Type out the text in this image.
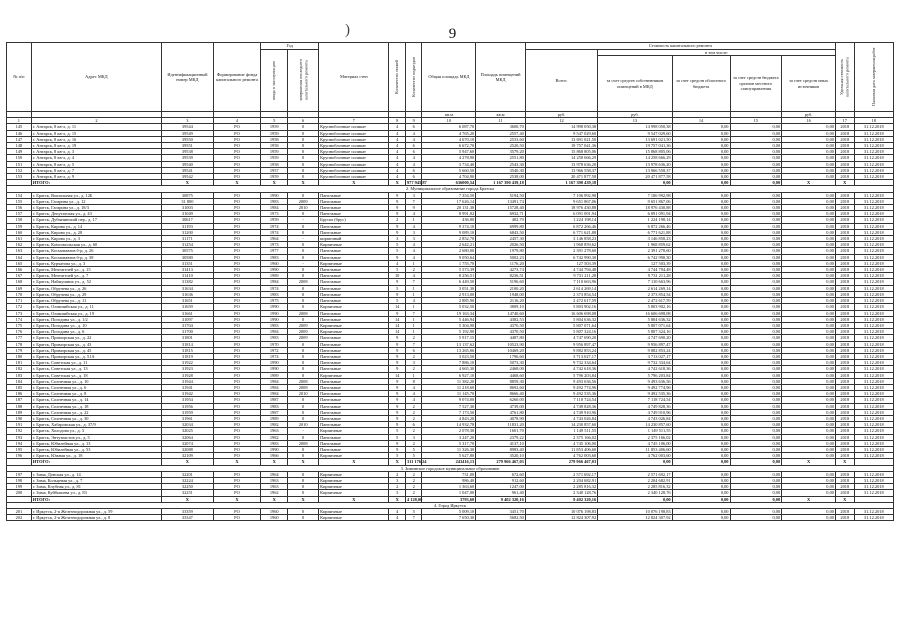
)	9
№ п/п	Адрес МКД	Идентификационный номер МКД	Формирование фонда капитального ремонта	Год		Материал стен	Количество этажей	Количество подъездов	Общая площадь МКД	Площадь помещений МКД	Стоимость капитального ремонта					Удельная стоимость капитального ремонта	Плановая дата завершения работ

				ввода в эксплуатацию	завершения последнего капитального ремонта						Всего:	в том числе:					
												за счет средств собственников помещений в МКД	за счет средств областного бюджета	за счет средств бюджета органов местного самоуправления	за счет средств иных источников		

									кв.м	кв.м	руб.	руб.			руб.		
1	2	3	4	5	6	7	8	9	10	11	12	13	14	15	16	17	18
145	г. Ангарск, 8 кв-л, д. 11	39544	РО	1959	0	Крупноблочные силикат	4	6	6 087,70	3600,70	14 998 050,38	14 998 050,38	0,00	0,00	0,00	2018	31.12.2018
146	г. Ангарск, 8 кв-л, д. 15	39549	РО	1959	0	Крупноблочные силикат	4	4	4 765,20	2557,40	9 547 029,60	9 547 029,60	0,00	0,00	0,00	2018	31.12.2018
147	г. Ангарск, 8 кв-л, д. 16	39550	РО	1958	0	Крупноблочные силикат	4	4	4 670,10	2533,60	13 691 021,50	13 691 021,50	0,00	0,00	0,00	2018	31.12.2018
148	г. Ангарск, 8 кв-л, д. 19	39551	РО	1958	0	Крупноблочные силикат	4	6	6 672,70	2520,50	19 757 041,36	19 757 041,36	0,00	0,00	0,00	2018	31.12.2018
149	г. Ангарск, 8 кв-л, д. 3	39538	РО	1959	0	Крупноблочные силикат	4	6	5 947,60	3579,20	15 868 805,06	15 868 805,06	0,00	0,00	0,00	2018	31.12.2018
150	г. Ангарск, 8 кв-л, д. 4	39539	РО	1959	0	Крупноблочные силикат	4	4	4 278,90	2551,80	14 258 666,29	14 258 666,29	0,00	0,00	0,00	2018	31.12.2018
151	г. Ангарск, 8 кв-л, д. 5	39540	РО	1958	0	Крупноблочные силикат	4	4	3 734,40	2543,30	13 978 636,20	13 978 636,20	0,00	0,00	0,00	2018	31.12.2018
152	г. Ангарск, 8 кв-л, д. 7	39541	РО	1957	0	Крупноблочные силикат	4	6	5 660,50	3540,30	13 966 558,37	13 966 558,37	0,00	0,00	0,00	2018	31.12.2018
153	г. Ангарск, 8 кв-л, д. 9	39542	РО	1959	0	Крупноблочные силикат	4	6	4 704,90	2538,00	20 471 877,58	20 471 877,58	0,00	0,00	0,00	2018	31.12.2018
	ИТОГО:	X	X	X	X	X	X	977 945,87	636000,54	1 167 390 439,18	1 167 390 439,18	0,00	0,00	0,00	X	X	
2. Муниципальное образование города Братска																	
154	г. Братск, Вокзальная ул., д. 12Б	30875	РО	1990	0	Панельные	9	3	7 354,50	5194,50	7 106 992,98	7 106 992,98	0,00	0,00	0,00	2018	31.12.2018
155	г. Братск, Гагарина ул., д. 12	31 800	РО	1983	2009	Панельные	9	7	17 626,14	13491,74	9 651 867,06	9 651 867,06	0,00	0,00	0,00	2018	31.12.2018
156	г. Братск, Гагарина ул., д. 18/3	31003	РО	1984	2010	Панельные	9	9	20 131,30	15728,40	18 976 430,88	18 976 430,88	0,00	0,00	0,00	2018	31.12.2018
157	г. Братск, Депутатская ул., д. 43	31049	РО	1973	0	Панельные	9	4	8 991,02	6932,71	6 091 091,94	6 091 091,94	0,00	0,00	0,00	2018	31.12.2018
158	г. Братск, Дубынинский пер., д. 17	30617	РО	1959	-	Брускч (брус)	2	1	436,80	402,70	1 224 198,14	1 224 198,14	0,00	0,00	0,00	2018	31.12.2018
159	г. Братск, Кирова ул., д. 14	31193	РО	1974	0	Панельные	9	4	9 374,10	6999,80	6 872 266,46	6 872 266,46	0,00	0,00	0,00	2018	31.12.2018
160	г. Братск, Кирова ул., д. 28	31200	РО	1974	0	Панельные	9	3	9 089,10	6843,50	6 771 621,88	6 771 621,88	0,00	0,00	0,00	2018	31.12.2018
161	г. Братск, Кирова ул., д. 3	31171	РО	1964	-	кирпичный	3	3	2 852,70	2457,30	3 146 858,23	3 146 858,23	0,00	0,00	0,00	2018	31.12.2018
162	г. Братск, Комсомольская ул., д. 60	31254	РО	1973	0	Кирпичные	5	4	2 642,21	2026,50	1 968 859,62	1 968 859,62	0,00	0,00	0,00	2018	31.12.2018
163	г. Братск, Космонавтов б-р, д. 26	30575	РО	1977	0	Панельные	5	4	2 680,00	1979,80	2 391 278,60	2 391 278,60	0,00	0,00	0,00	2018	31.12.2018
164	г. Братск, Космонавтов б-р, д. 38	30580	РО	1983	0	Панельные	9	4	9 050,64	5002,23	6 742 990,30	6 742 990,30	0,00	0,00	0,00	2018	31.12.2018
165	г. Братск, Курчатова ул., д. 3	31351	РО	1960	-	Кирпичные	4	1	1 755,70	1176,20	127 503,39	127 503,39	0,00	0,00	0,00	2018	31.12.2018
166	г. Братск, Мечтателей ул., д. 15	31413	РО	1990	0	Панельные	5	2	5 573,39	4273,74	4 744 794,48	4 744 794,48	0,00	0,00	0,00	2018	31.12.2018
167	г. Братск, Мечтателей ул., д. 7	31410	РО	1989	0	Панельные	10	4	8 256,51	8236,51	9 731 211,28	9 731 211,28	0,00	0,00	0,00	2018	31.12.2018
168	г. Братск, Наймушина ул., д. 52	31382	РО	1984	2008	Панельные	9	7	6 449,50	5196,60	7 110 663,96	7 110 663,96	0,00	0,00	0,00	2018	31.12.2018
169	г. Братск, Обручева ул., д. 26	31634	РО	1974	0	Панельные	5	1	3 051,30	2100,20	2 614 269,14	2 614 269,14	0,00	0,00	0,00	2018	31.12.2018
170	г. Братск, Обручева ул., д. 29	31636	РО	1983	0	Панельные	9	1	2 913,00	1948,00	2 373 854,54	2 373 854,54	0,00	0,00	0,00	2018	31.12.2018
171	г. Братск, Обручева ул., д. 11	31651	РО	1975	0	Панельные	5	4	2 885,90	2116,20	2 472 617,59	2 472 617,59	0,00	0,00	0,00	2018	31.12.2018
172	г. Братск, Олимпийская ул., д. 11	31659	РО	1990	0	Кирпичные	14	1	5 032,50	3809,10	5 803 902,16	5 803 902,16	0,00	0,00	0,00	2018	31.12.2018
173	г. Братск, Олимпийская ул., д. 19	31661	РО	1990	2008	Панельные	9	7	19 163,34	14740,60	16 606 698,08	16 606 698,08	0,00	0,00	0,00	2018	31.12.2018
174	г. Братск, Погодина ул., д. 1/2	31097	РО	1990	0	Панельные	14	1	5 446,94	4382,53	5 804 636,32	5 804 636,32	0,00	0,00	0,00	2018	31.12.2018
175	г. Братск, Погодина ул., д. 10	31704	РО	1983	2009	Кирпичные	14	1	5 304,90	4370,50	5 807 071,64	5 807 071,64	0,00	0,00	0,00	2018	31.12.2018
176	г. Братск, Погодина ул., д. 6	31700	РО	1984	2009	Кирпичные	14	1	5 192,90	4370,50	5 807 324,16	5 807 324,16	0,00	0,00	0,00	2018	31.12.2018
177	г. Братск, Приморская ул., д. 22	31801	РО	1983	2009	Панельные	9	2	5 917,15	4487,80	4 747 690,20	4 747 690,20	0,00	0,00	0,00	2018	31.12.2018
178	г. Братск, Приморская ул., д. 43	31814	РО	1970	0	Панельные	9	7	13 137,62	10523,90	9 956 897,47	9 956 897,47	0,00	0,00	0,00	2018	31.12.2018
179	г. Братск, Приморская ул., д. 45	31815	РО	1972	0	Панельные	9	6	13 265,06	10469,20	9 882 853,24	9 882 853,24	0,00	0,00	0,00	2018	31.12.2018
180	г. Братск, Приморская ул., д. 51А	31819	РО	1974	0	Панельные	9	2	3 023,50	1796,60	3 713 027,17	3 713 027,17	0,00	0,00	0,00	2018	31.12.2018
181	г. Братск, Советская ул., д. 11	31922	РО	1990	0	Панельные	9	3	7 886,10	5073,30	9 732 334,64	9 732 334,64	0,00	0,00	0,00	2018	31.12.2018
182	г. Братск, Советская ул., д. 13	31923	РО	1990	0	Панельные	9	2	4 665,30	2468,00	4 742 618,36	4 742 618,36	0,00	0,00	0,00	2018	31.12.2018
183	г. Братск, Советская ул., д. 18	31928	РО	1989	0	Кирпичные	14	1	6 927,10	4468,60	5 796 203,84	5 796 203,84	0,00	0,00	0,00	2018	31.12.2018
184	г. Братск, Солнечная ул., д. 10	31944	РО	1984	2008	Панельные	9	8	11 382,20	8859,30	9 493 636,56	9 493 636,56	0,00	0,00	0,00	2018	31.12.2018
185	г. Братск, Солнечная ул., д. 6	31941	РО	1984	2008	Панельные	9	4	11 218,60	8692,60	9 492 774,96	9 492 774,96	0,00	0,00	0,00	2018	31.12.2018
186	г. Братск, Солнечная ул., д. 8	31942	РО	1984	2010	Панельные	9	4	11 145,70	8666,40	9 492 535,36	9 492 535,36	0,00	0,00	0,00	2018	31.12.2018
187	г. Братск, Солнечная ул., д. 14	31954	РО	1987	0	Панельные	9	4	9 074,00	6260,00	7 118 724,54	7 118 724,54	0,00	0,00	0,00	2018	31.12.2018
188	г. Братск, Солнечная ул., д. 18	31956	РО	1983	0	Панельные	9	2	7 527,30	4739,00	4 749 828,36	4 749 828,36	0,00	0,00	0,00	2018	31.12.2018
189	г. Братск, Солнечная ул., д. 22	31959	РО	1987	0	Панельные	9	2	7 173,50	4761,80	4 749 910,96	4 749 910,96	0,00	0,00	0,00	2018	31.12.2018
190	г. Братск, Солнечная ул., д. 30	31961	РО	1989	0	Панельные	9	2	4 843,20	4078,90	4 743 026,84	4 743 026,84	0,00	0,00	0,00	2018	31.12.2018
191	г. Братск, Хабаровская ул., д. 37/9	32034	РО	1982	2010	Панельные	9	6	14 932,78	11831,20	14 230 857,60	14 230 857,60	0,00	0,00	0,00	2018	31.12.2018
192	г. Братск, Холодова ул., д. 3	32025	РО	1963	-	Кирпичные	5	2	2 078,30	1601,70	1 149 511,55	1 149 511,55	0,00	0,00	0,00	2018	31.12.2018
193	г. Братск, Энтузиастов ул., д. 5	32064	РО	1982	0	Панельные	5	3	3 247,20	2379,22	2 375 166,02	2 375 166,02	0,00	0,00	0,00	2018	31.12.2018
194	г. Братск, Юбилейная ул., д. 13	32074	РО	1983	2008	Панельные	9	2	5 317,70	4137,10	4 745 106,00	4 745 106,00	0,00	0,00	0,00	2018	31.12.2018
195	г. Братск, Юбилейная ул., д. 53	32088	РО	1990	0	Панельные	9	5	11 326,30	8983,40	11 853 406,60	11 853 406,60	0,00	0,00	0,00	2018	31.12.2018
196	г. Братск, Южная ул., д. 18	32109	РО	1966	0	Кирпичные	5	5	5 627,80	3520,10	4 762 003,60	4 762 003,60	0,00	0,00	0,00	2018	31.12.2018
	ИТОГО:	X	X	X	X	X	X	311 176,24	243416,13	279 966 467,03	279 966 467,03	0,00	0,00	0,00	X	X	
3. Зиминское городское муниципальное образование																	
197	г. Зима, Донская ул., д. 14	32201	РО	1964	0	Кирпичные	2	2	731,00	672,60	2 571 692,17	2 571 692,17	0,00	0,00	0,00	2018	31.12.2018
198	г. Зима, Кольцевая ул., д. 7	32224	РО	1963	0	Кирпичные	3	2	986,40	912,60	2 204 682,91	2 204 682,91	0,00	0,00	0,00	2018	31.12.2018
199	г. Зима, Клубная ул., д. 81	32250	РО	1963	0	Кирпичные	2	2	1 363,60	1247,00	2 285 816,32	2 285 816,32	0,00	0,00	0,00	2018	31.12.2018
200	г. Зима, Куйбышева ул., д. 83	32251	РО	1962	0	Кирпичные	3	2	1 047,00	961,40	2 340 128,76	2 340 128,76	0,00	0,00	0,00	2018	31.12.2018
	ИТОГО:	X	X	X	X	X	X	4 128,00	3793,60	9 402 320,16	9 402 320,16	0,00	0,00	0,00	X	X	
4. Город Иркутск																	
201	г. Иркутск, 2-я Железнодорожная ул., д. 59	33359	РО	1960	0	Кирпичные	4	5	5 009,10	3451,70	10 076 198,83	10 076 198,83	0,00	0,00	0,00	2018	31.12.2018
202	г. Иркутск, 2-я Железнодорожная ул., д. 8	33347	РО	1960	0	Кирпичные	4	7	7 650,30	5682,50	12 824 307,92	12 824 307,92	0,00	0,00	0,00	2018	31.12.2018
